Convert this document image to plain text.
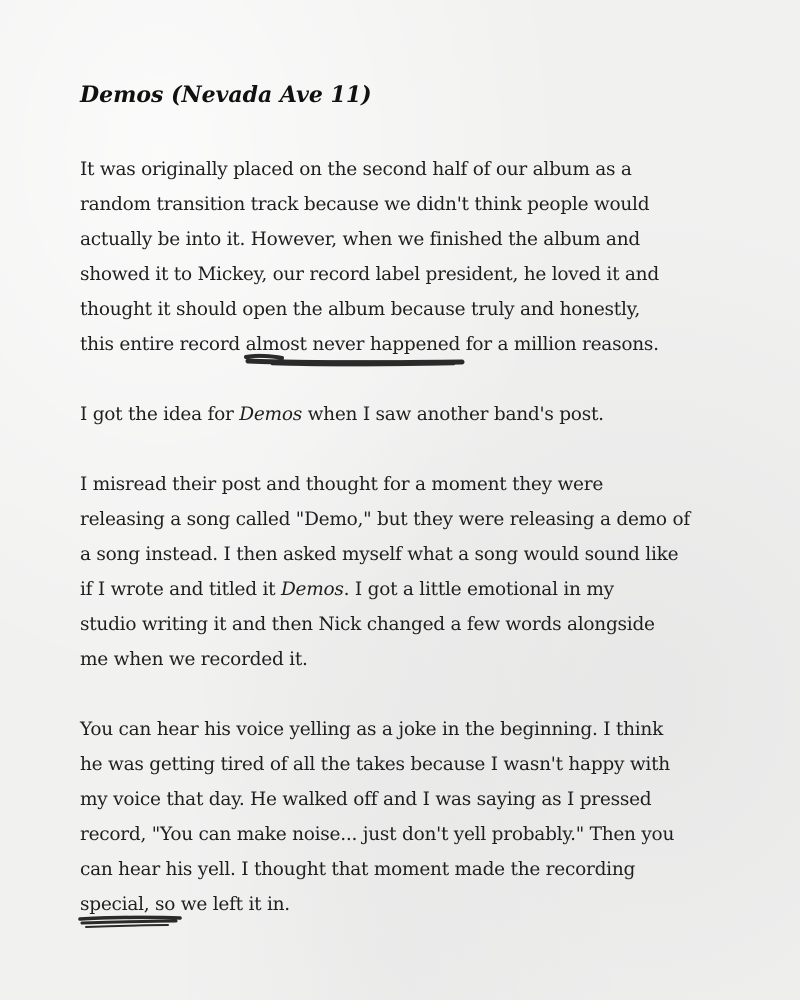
Demos (Nevada Ave 11)

It was originally placed on the second half of our album as a
random transition track because we didn't think people would
actually be into it. However, when we finished the album and
showed it to Mickey, our record label president, he loved it and
thought it should open the album because truly and honestly,
this entire record almost never happened
for a million reasons.

I got the idea for Demos when I saw another band's post.

I misread their post and thought for a moment they were
releasing a song called "Demo," but they were releasing a demo of
a song instead. I then asked myself what a song would sound like
if I wrote and titled it Demos. I got a little emotional in my
studio writing it and then Nick changed a few words alongside
me when we recorded it.

You can hear his voice yelling as a joke in the beginning. I think
he was getting tired of all the takes because I wasn't happy with
my voice that day. He walked off and I was saying as I pressed
record, "You can make noise... just don't yell probably." Then you
can hear his yell. I thought that moment made the recording
special,
so we left it in.
